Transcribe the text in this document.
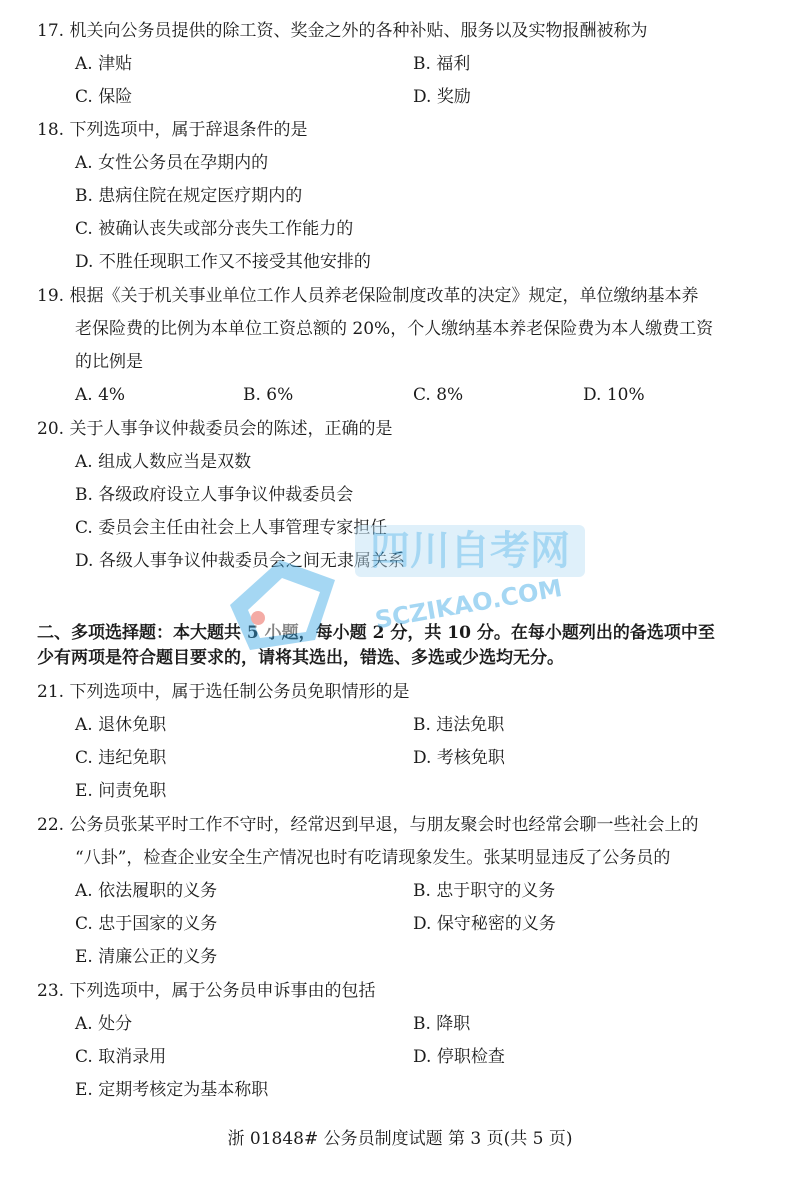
17. 机关向公务员提供的除工资、奖金之外的各种补贴、服务以及实物报酬被称为
A. 津贴	B. 福利
C. 保险	D. 奖励
18. 下列选项中，属于辞退条件的是
A. 女性公务员在孕期内的
B. 患病住院在规定医疗期内的
C. 被确认丧失或部分丧失工作能力的
D. 不胜任现职工作又不接受其他安排的
19. 根据《关于机关事业单位工作人员养老保险制度改革的决定》规定，单位缴纳基本养
老保险费的比例为本单位工资总额的 20%，个人缴纳基本养老保险费为本人缴费工资
的比例是
A. 4%	B. 6%	C. 8%	D. 10%
20. 关于人事争议仲裁委员会的陈述，正确的是
A. 组成人数应当是双数
B. 各级政府设立人事争议仲裁委员会
C. 委员会主任由社会上人事管理专家担任
D. 各级人事争议仲裁委员会之间无隶属关系
二、多项选择题：本大题共 5 小题，每小题 2 分，共 10 分。在每小题列出的备选项中至
少有两项是符合题目要求的，请将其选出，错选、多选或少选均无分。
21. 下列选项中，属于选任制公务员免职情形的是
A. 退休免职	B. 违法免职
C. 违纪免职	D. 考核免职
E. 问责免职
22. 公务员张某平时工作不守时，经常迟到早退，与朋友聚会时也经常会聊一些社会上的
“八卦”，检查企业安全生产情况也时有吃请现象发生。张某明显违反了公务员的
A. 依法履职的义务	B. 忠于职守的义务
C. 忠于国家的义务	D. 保守秘密的义务
E. 清廉公正的义务
23. 下列选项中，属于公务员申诉事由的包括
A. 处分	B. 降职
C. 取消录用	D. 停职检查
E. 定期考核定为基本称职
浙 01848# 公务员制度试题 第 3 页(共 5 页)
四川自考网
SCZIKAO.COM
